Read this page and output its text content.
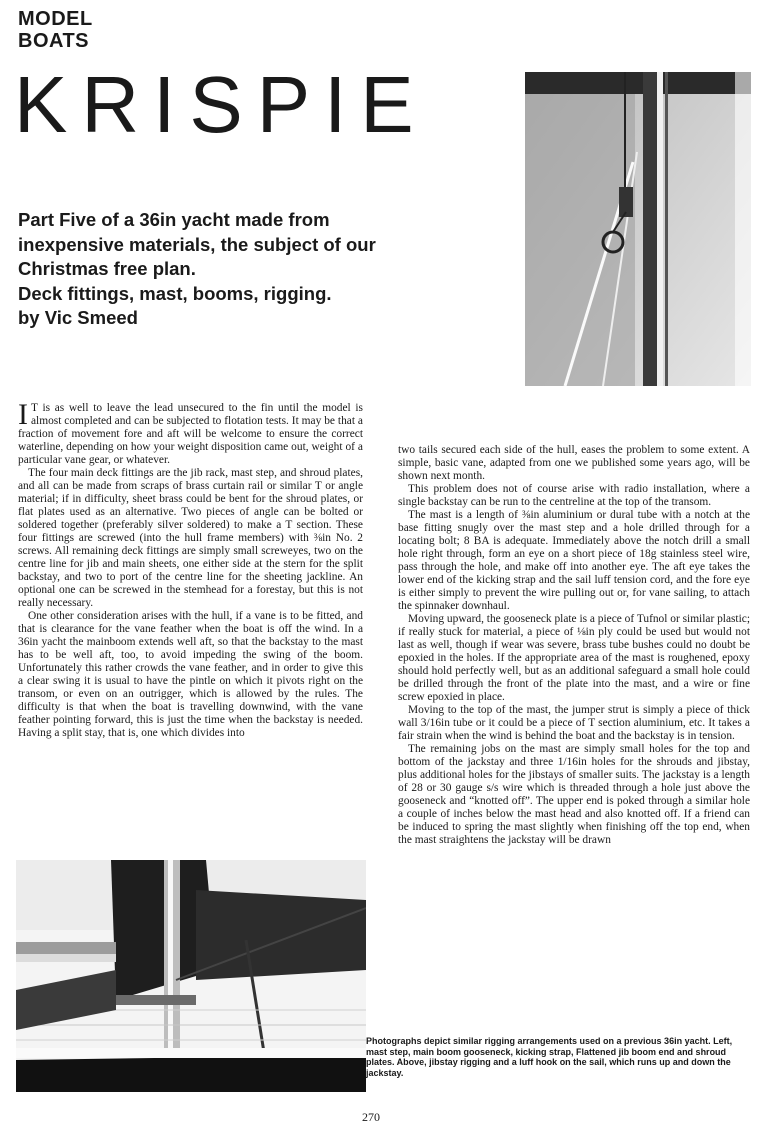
MODEL
BOATS
KRISPIE
Part Five of a 36in yacht made from
inexpensive materials, the subject of our
Christmas free plan.
Deck fittings, mast, booms, rigging.
by Vic Smeed

I T is as well to leave the lead unsecured to the fin until the model is almost completed and can be subjected to flotation tests. It may be that a fraction of movement fore and aft will be welcome to ensure the correct waterline, depending on how your weight disposition came out, weight of a particular vane gear, or whatever.

The four main deck fittings are the jib rack, mast step, and shroud plates, and all can be made from scraps of brass curtain rail or similar T or angle material; if in difficulty, sheet brass could be bent for the shroud plates, or flat plates used as an alternative. Two pieces of angle can be bolted or soldered together (preferably silver soldered) to make a T section. These four fittings are screwed (into the hull frame members) with ⅜in No. 2 screws. All remaining deck fittings are simply small screweyes, two on the centre line for jib and main sheets, one either side at the stern for the split backstay, and two to port of the centre line for the sheeting jackline. An optional one can be screwed in the stemhead for a forestay, but this is not really necessary.

One other consideration arises with the hull, if a vane is to be fitted, and that is clearance for the vane feather when the boat is off the wind. In a 36in yacht the mainboom extends well aft, so that the backstay to the mast has to be well aft, too, to avoid impeding the swing of the boom. Unfortunately this rather crowds the vane feather, and in order to give this a clear swing it is usual to have the pintle on which it pivots right on the transom, or even on an outrigger, which is allowed by the rules. The difficulty is that when the boat is travelling downwind, with the vane feather pointing forward, this is just the time when the backstay is needed. Having a split stay, that is, one which divides into

two tails secured each side of the hull, eases the problem to some extent. A simple, basic vane, adapted from one we published some years ago, will be shown next month.

This problem does not of course arise with radio installation, where a single backstay can be run to the centreline at the top of the transom.

The mast is a length of ⅜in aluminium or dural tube with a notch at the base fitting snugly over the mast step and a hole drilled through for a locating bolt; 8 BA is adequate. Immediately above the notch drill a small hole right through, form an eye on a short piece of 18g stainless steel wire, pass through the hole, and make off into another eye. The aft eye takes the lower end of the kicking strap and the sail luff tension cord, and the fore eye is either simply to prevent the wire pulling out or, for vane sailing, to attach the spinnaker downhaul.

Moving upward, the gooseneck plate is a piece of Tufnol or similar plastic; if really stuck for material, a piece of ⅛in ply could be used but would not last as well, though if wear was severe, brass tube bushes could no doubt be epoxied in the holes. If the appropriate area of the mast is roughened, epoxy should hold perfectly well, but as an additional safeguard a small hole could be drilled through the front of the plate into the mast, and a wire or fine screw epoxied in place.

Moving to the top of the mast, the jumper strut is simply a piece of thick wall 3/16in tube or it could be a piece of T section aluminium, etc. It takes a fair strain when the wind is behind the boat and the backstay is in tension.

The remaining jobs on the mast are simply small holes for the top and bottom of the jackstay and three 1/16in holes for the shrouds and jibstay, plus additional holes for the jibstays of smaller suits. The jackstay is a length of 28 or 30 gauge s/s wire which is threaded through a hole just above the gooseneck and “knotted off”. The upper end is poked through a similar hole a couple of inches below the mast head and also knotted off. If a friend can be induced to spring the mast slightly when finishing off the top end, when the mast straightens the jackstay will be drawn

Photographs depict similar rigging arrangements used on a previous 36in yacht. Left, mast step, main boom gooseneck, kicking strap, Flattened jib boom end and shroud plates. Above, jibstay rigging and a luff hook on the sail, which runs up and down the jackstay.
270
